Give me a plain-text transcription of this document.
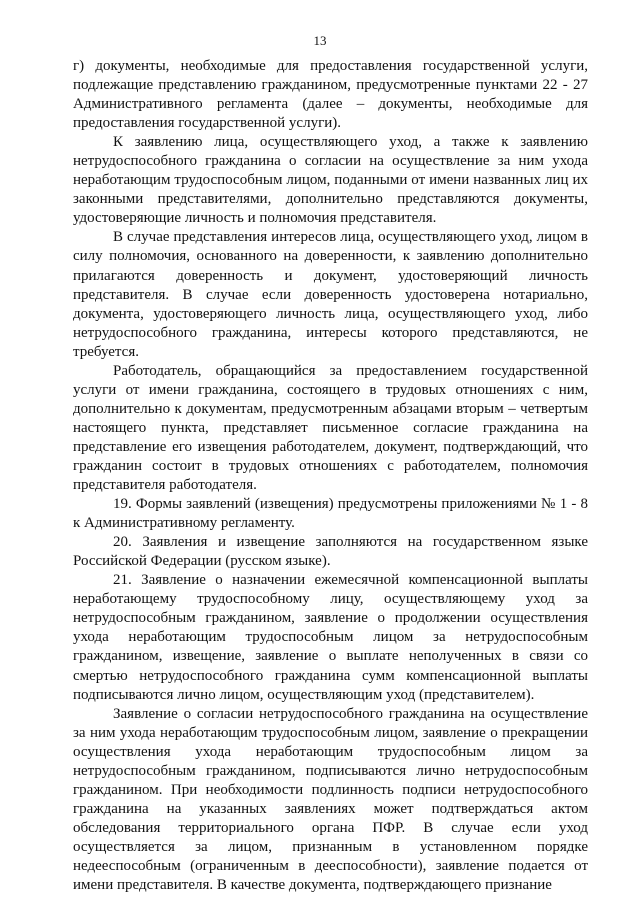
13

г) документы, необходимые для предоставления государственной услуги, подлежащие представлению гражданином, предусмотренные пунктами 22 - 27 Административного регламента (далее – документы, необходимые для предоставления государственной услуги).

К заявлению лица, осуществляющего уход, а также к заявлению нетрудоспособного гражданина о согласии на осуществление за ним ухода неработающим трудоспособным лицом, поданными от имени названных лиц их законными представителями, дополнительно представляются документы, удостоверяющие личность и полномочия представителя.

В случае представления интересов лица, осуществляющего уход, лицом в силу полномочия, основанного на доверенности, к заявлению дополнительно прилагаются доверенность и документ, удостоверяющий личность представителя. В случае если доверенность удостоверена нотариально, документа, удостоверяющего личность лица, осуществляющего уход, либо нетрудоспособного гражданина, интересы которого представляются, не требуется.

Работодатель, обращающийся за предоставлением государственной услуги от имени гражданина, состоящего в трудовых отношениях с ним, дополнительно к документам, предусмотренным абзацами вторым – четвертым настоящего пункта, представляет письменное согласие гражданина на представление его извещения работодателем, документ, подтверждающий, что гражданин состоит в трудовых отношениях с работодателем, полномочия представителя работодателя.

19. Формы заявлений (извещения) предусмотрены приложениями № 1 - 8 к Административному регламенту.

20. Заявления и извещение заполняются на государственном языке Российской Федерации (русском языке).

21. Заявление о назначении ежемесячной компенсационной выплаты неработающему трудоспособному лицу, осуществляющему уход за нетрудоспособным гражданином, заявление о продолжении осуществления ухода неработающим трудоспособным лицом за нетрудоспособным гражданином, извещение, заявление о выплате неполученных в связи со смертью нетрудоспособного гражданина сумм компенсационной выплаты подписываются лично лицом, осуществляющим уход (представителем).

Заявление о согласии нетрудоспособного гражданина на осуществление за ним ухода неработающим трудоспособным лицом, заявление о прекращении осуществления ухода неработающим трудоспособным лицом за нетрудоспособным гражданином, подписываются лично нетрудоспособным гражданином. При необходимости подлинность подписи нетрудоспособного гражданина на указанных заявлениях может подтверждаться актом обследования территориального органа ПФР. В случае если уход осуществляется за лицом, признанным в установленном порядке недееспособным (ограниченным в дееспособности), заявление подается от имени представителя. В качестве документа, подтверждающего признание
